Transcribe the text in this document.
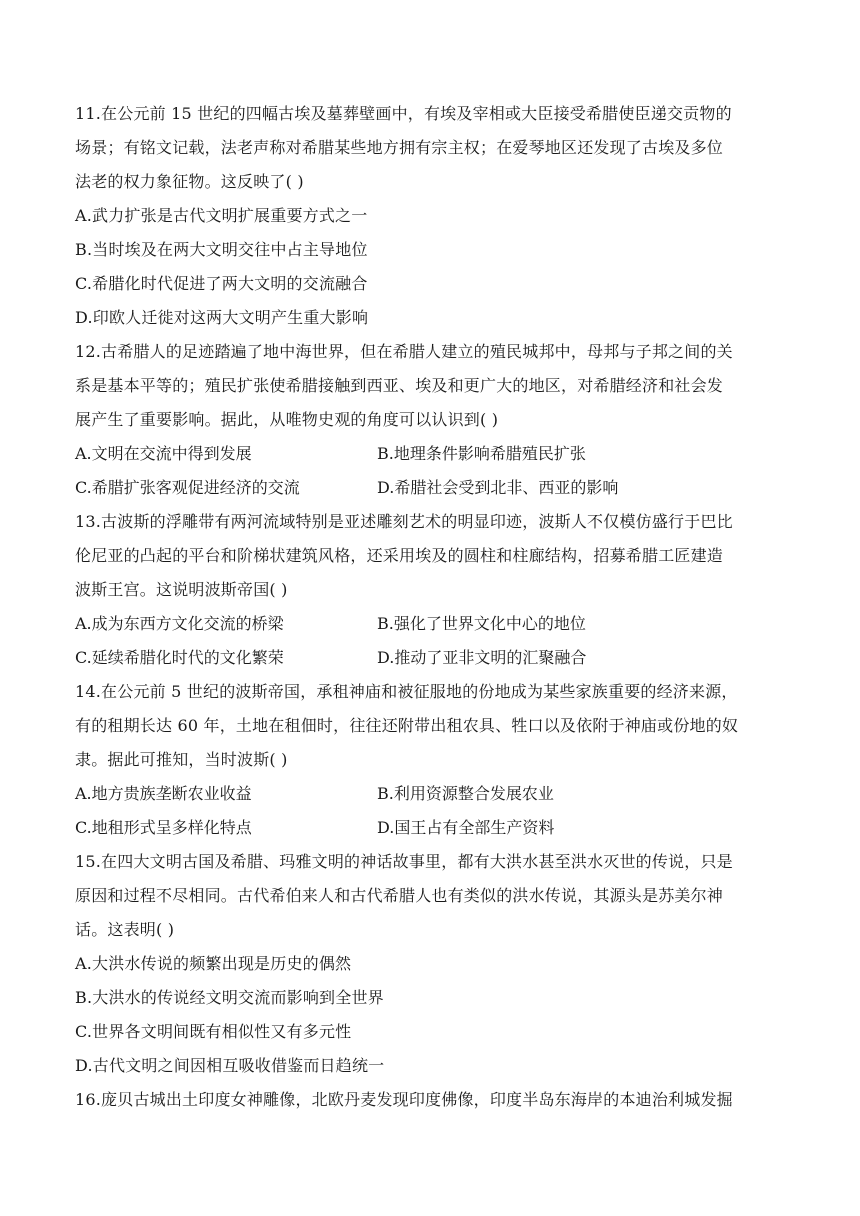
11.在公元前 15 世纪的四幅古埃及墓葬壁画中，有埃及宰相或大臣接受希腊使臣递交贡物的
场景；有铭文记载，法老声称对希腊某些地方拥有宗主权；在爱琴地区还发现了古埃及多位
法老的权力象征物。这反映了( )
A.武力扩张是古代文明扩展重要方式之一
B.当时埃及在两大文明交往中占主导地位
C.希腊化时代促进了两大文明的交流融合
D.印欧人迁徙对这两大文明产生重大影响
12.古希腊人的足迹踏遍了地中海世界，但在希腊人建立的殖民城邦中，母邦与子邦之间的关
系是基本平等的；殖民扩张使希腊接触到西亚、埃及和更广大的地区，对希腊经济和社会发
展产生了重要影响。据此，从唯物史观的角度可以认识到( )
A.文明在交流中得到发展	B.地理条件影响希腊殖民扩张
C.希腊扩张客观促进经济的交流	D.希腊社会受到北非、西亚的影响
13.古波斯的浮雕带有两河流域特别是亚述雕刻艺术的明显印迹，波斯人不仅模仿盛行于巴比
伦尼亚的凸起的平台和阶梯状建筑风格，还采用埃及的圆柱和柱廊结构，招募希腊工匠建造
波斯王宫。这说明波斯帝国( )
A.成为东西方文化交流的桥梁	B.强化了世界文化中心的地位
C.延续希腊化时代的文化繁荣	D.推动了亚非文明的汇聚融合
14.在公元前 5 世纪的波斯帝国，承租神庙和被征服地的份地成为某些家族重要的经济来源，
有的租期长达 60 年，土地在租佃时，往往还附带出租农具、牲口以及依附于神庙或份地的奴
隶。据此可推知，当时波斯( )
A.地方贵族垄断农业收益	B.利用资源整合发展农业
C.地租形式呈多样化特点	D.国王占有全部生产资料
15.在四大文明古国及希腊、玛雅文明的神话故事里，都有大洪水甚至洪水灭世的传说，只是
原因和过程不尽相同。古代希伯来人和古代希腊人也有类似的洪水传说，其源头是苏美尔神
话。这表明( )
A.大洪水传说的频繁出现是历史的偶然
B.大洪水的传说经文明交流而影响到全世界
C.世界各文明间既有相似性又有多元性
D.古代文明之间因相互吸收借鉴而日趋统一
16.庞贝古城出土印度女神雕像，北欧丹麦发现印度佛像，印度半岛东海岸的本迪治利城发掘
